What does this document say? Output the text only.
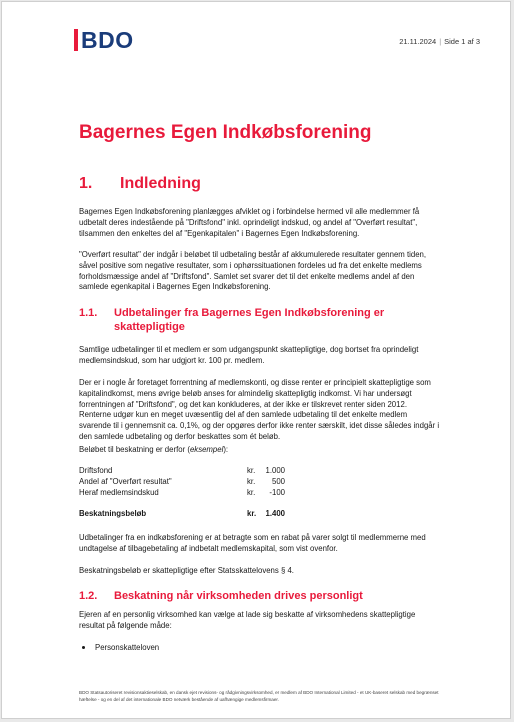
BDO	21.11.2024 | Side 1 af 3
Bagernes Egen Indkøbsforening
1.	Indledning

Bagernes Egen Indkøbsforening planlægges afviklet og i forbindelse hermed vil alle medlemmer få udbetalt deres indestående på "Driftsfond" inkl. oprindeligt indskud, og andel af "Overført resultat", tilsammen den enkeltes del af "Egenkapitalen" i Bagernes Egen Indkøbsforening.

"Overført resultat" der indgår i beløbet til udbetaling består af akkumulerede resultater gennem tiden, såvel positive som negative resultater, som i ophørssituationen fordeles ud fra det enkelte medlems forholdsmæssige andel af "Driftsfond". Samlet set svarer det til det enkelte medlems andel af den samlede egenkapital i Bagernes Egen Indkøbsforening.

1.1.	Udbetalinger fra Bagernes Egen Indkøbsforening er skattepligtige

Samtlige udbetalinger til et medlem er som udgangspunkt skattepligtige, dog bortset fra oprindeligt medlemsindskud, som har udgjort kr. 100 pr. medlem.

Der er i nogle år foretaget forrentning af medlemskonti, og disse renter er principielt skattepligtige som kapitalindkomst, mens øvrige beløb anses for almindelig skattepligtig indkomst. Vi har undersøgt forrentningen af "Driftsfond", og det kan konkluderes, at der ikke er tilskrevet renter siden 2012. Renterne udgør kun en meget uvæsentlig del af den samlede udbetaling til det enkelte medlem svarende til i gennemsnit ca. 0,1%, og der opgøres derfor ikke renter særskilt, idet disse således indgår i den samlede udbetaling og derfor beskattes som ét beløb.

Beløbet til beskatning er derfor (eksempel):

Driftsfond	kr.	1.000
Andel af "Overført resultat"	kr.	500
Heraf medlemsindskud	kr.	-100
Beskatningsbeløb	kr.	1.400

Udbetalinger fra en indkøbsforening er at betragte som en rabat på varer solgt til medlemmerne med undtagelse af tilbagebetaling af indbetalt medlemskapital, som vist ovenfor.

Beskatningsbeløb er skattepligtige efter Statsskattelovens § 4.

1.2.	Beskatning når virksomheden drives personligt

Ejeren af en personlig virksomhed kan vælge at lade sig beskatte af virksomhedens skattepligtige resultat på følgende måde:

Personskatteloven
BDO Statsautoriseret revisionsaktieselskab, en dansk ejet revisions- og rådgivningsvirksomhed, er medlem af BDO International Limited - et UK-baseret selskab med begrænset hæftelse - og en del af det internationale BDO netværk bestående af uafhængige medlemsfirmaer.
